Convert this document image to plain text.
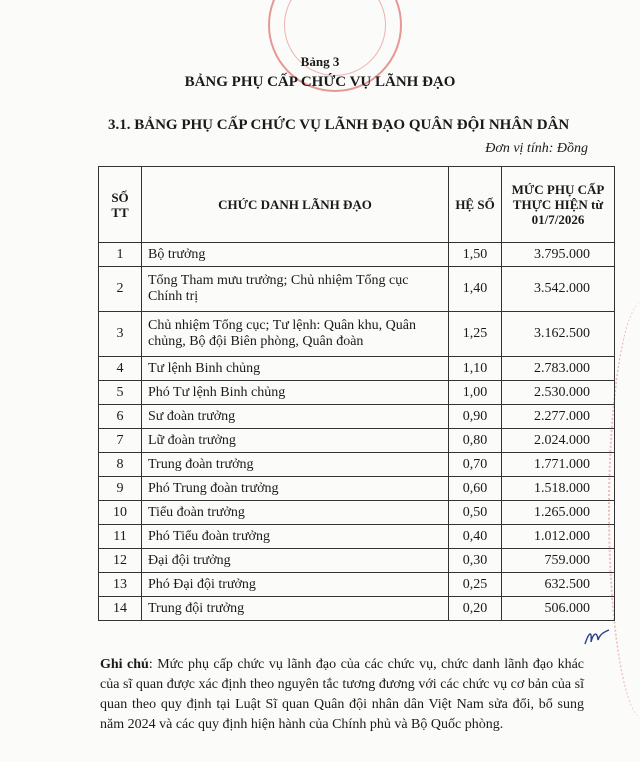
Bảng 3
BẢNG PHỤ CẤP CHỨC VỤ LÃNH ĐẠO
3.1. BẢNG PHỤ CẤP CHỨC VỤ LÃNH ĐẠO QUÂN ĐỘI NHÂN DÂN
Đơn vị tính: Đồng
SỐ TT	CHỨC DANH LÃNH ĐẠO	HỆ SỐ	MỨC PHỤ CẤP THỰC HIỆN từ 01/7/2026
1	Bộ trưởng	1,50	3.795.000
2	Tổng Tham mưu trưởng; Chủ nhiệm Tổng cục Chính trị	1,40	3.542.000
3	Chủ nhiệm Tổng cục; Tư lệnh: Quân khu, Quân chủng, Bộ đội Biên phòng, Quân đoàn	1,25	3.162.500
4	Tư lệnh Binh chủng	1,10	2.783.000
5	Phó Tư lệnh Binh chủng	1,00	2.530.000
6	Sư đoàn trưởng	0,90	2.277.000
7	Lữ đoàn trưởng	0,80	2.024.000
8	Trung đoàn trưởng	0,70	1.771.000
9	Phó Trung đoàn trưởng	0,60	1.518.000
10	Tiểu đoàn trưởng	0,50	1.265.000
11	Phó Tiểu đoàn trưởng	0,40	1.012.000
12	Đại đội trưởng	0,30	759.000
13	Phó Đại đội trưởng	0,25	632.500
14	Trung đội trưởng	0,20	506.000
Ghi chú: Mức phụ cấp chức vụ lãnh đạo của các chức vụ, chức danh lãnh đạo khác của sĩ quan được xác định theo nguyên tắc tương đương với các chức vụ cơ bản của sĩ quan theo quy định tại Luật Sĩ quan Quân đội nhân dân Việt Nam sửa đổi, bổ sung năm 2024 và các quy định hiện hành của Chính phủ và Bộ Quốc phòng.
